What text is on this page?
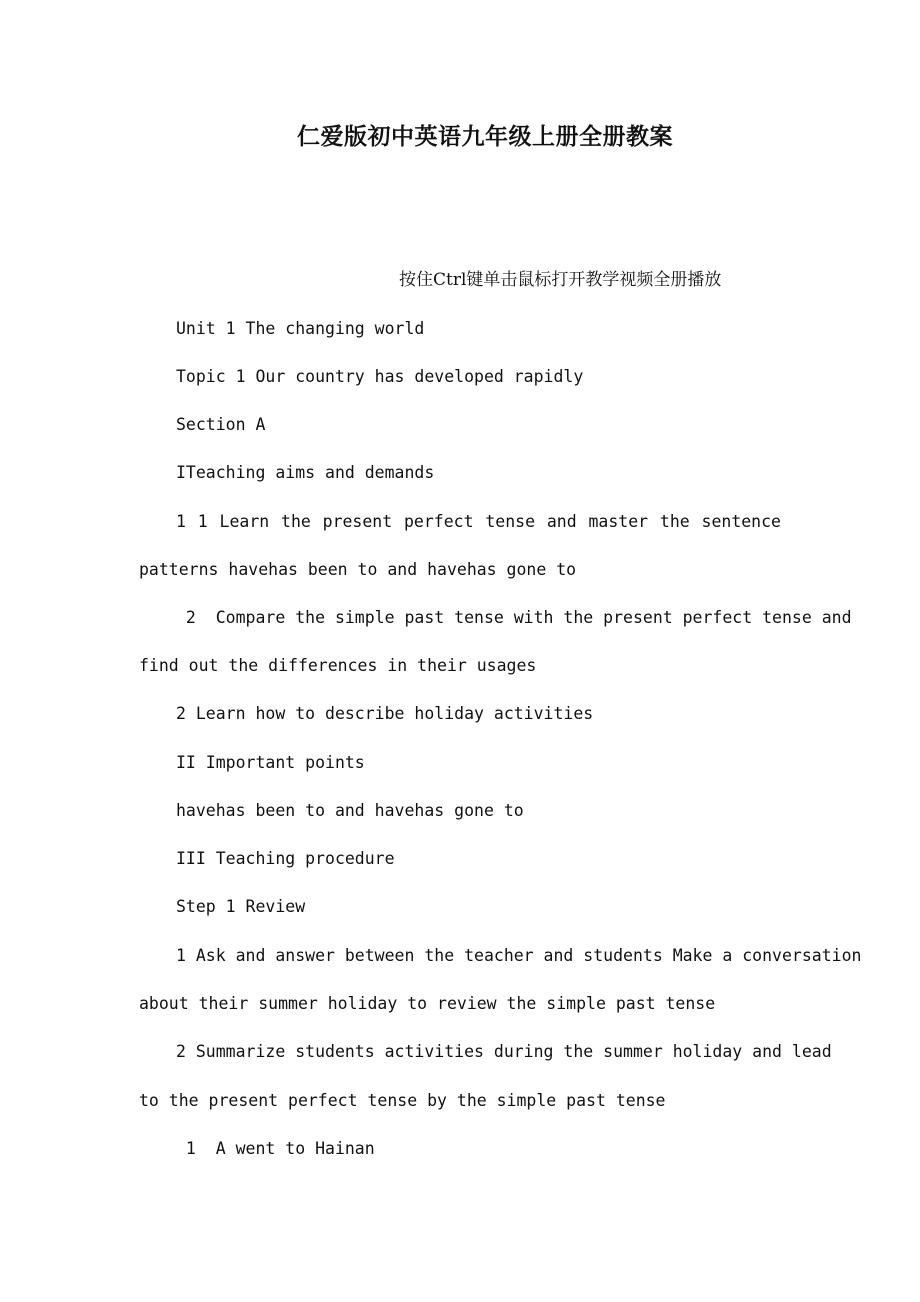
仁爱版初中英语九年级上册全册教案

按住Ctrl键单击鼠标打开教学视频全册播放

Unit 1 The changing world

Topic 1 Our country has developed rapidly

Section A

ITeaching aims and demands

1 1 Learn the present perfect tense and master the sentence

patterns havehas been to and havehas gone to

2  Compare the simple past tense with the present perfect tense and

find out the differences in their usages

2 Learn how to describe holiday activities

II Important points

havehas been to and havehas gone to

III Teaching procedure

Step 1 Review

1 Ask and answer between the teacher and students Make a conversation

about their summer holiday to review the simple past tense

2 Summarize students activities during the summer holiday and lead

to the present perfect tense by the simple past tense

1  A went to Hainan
